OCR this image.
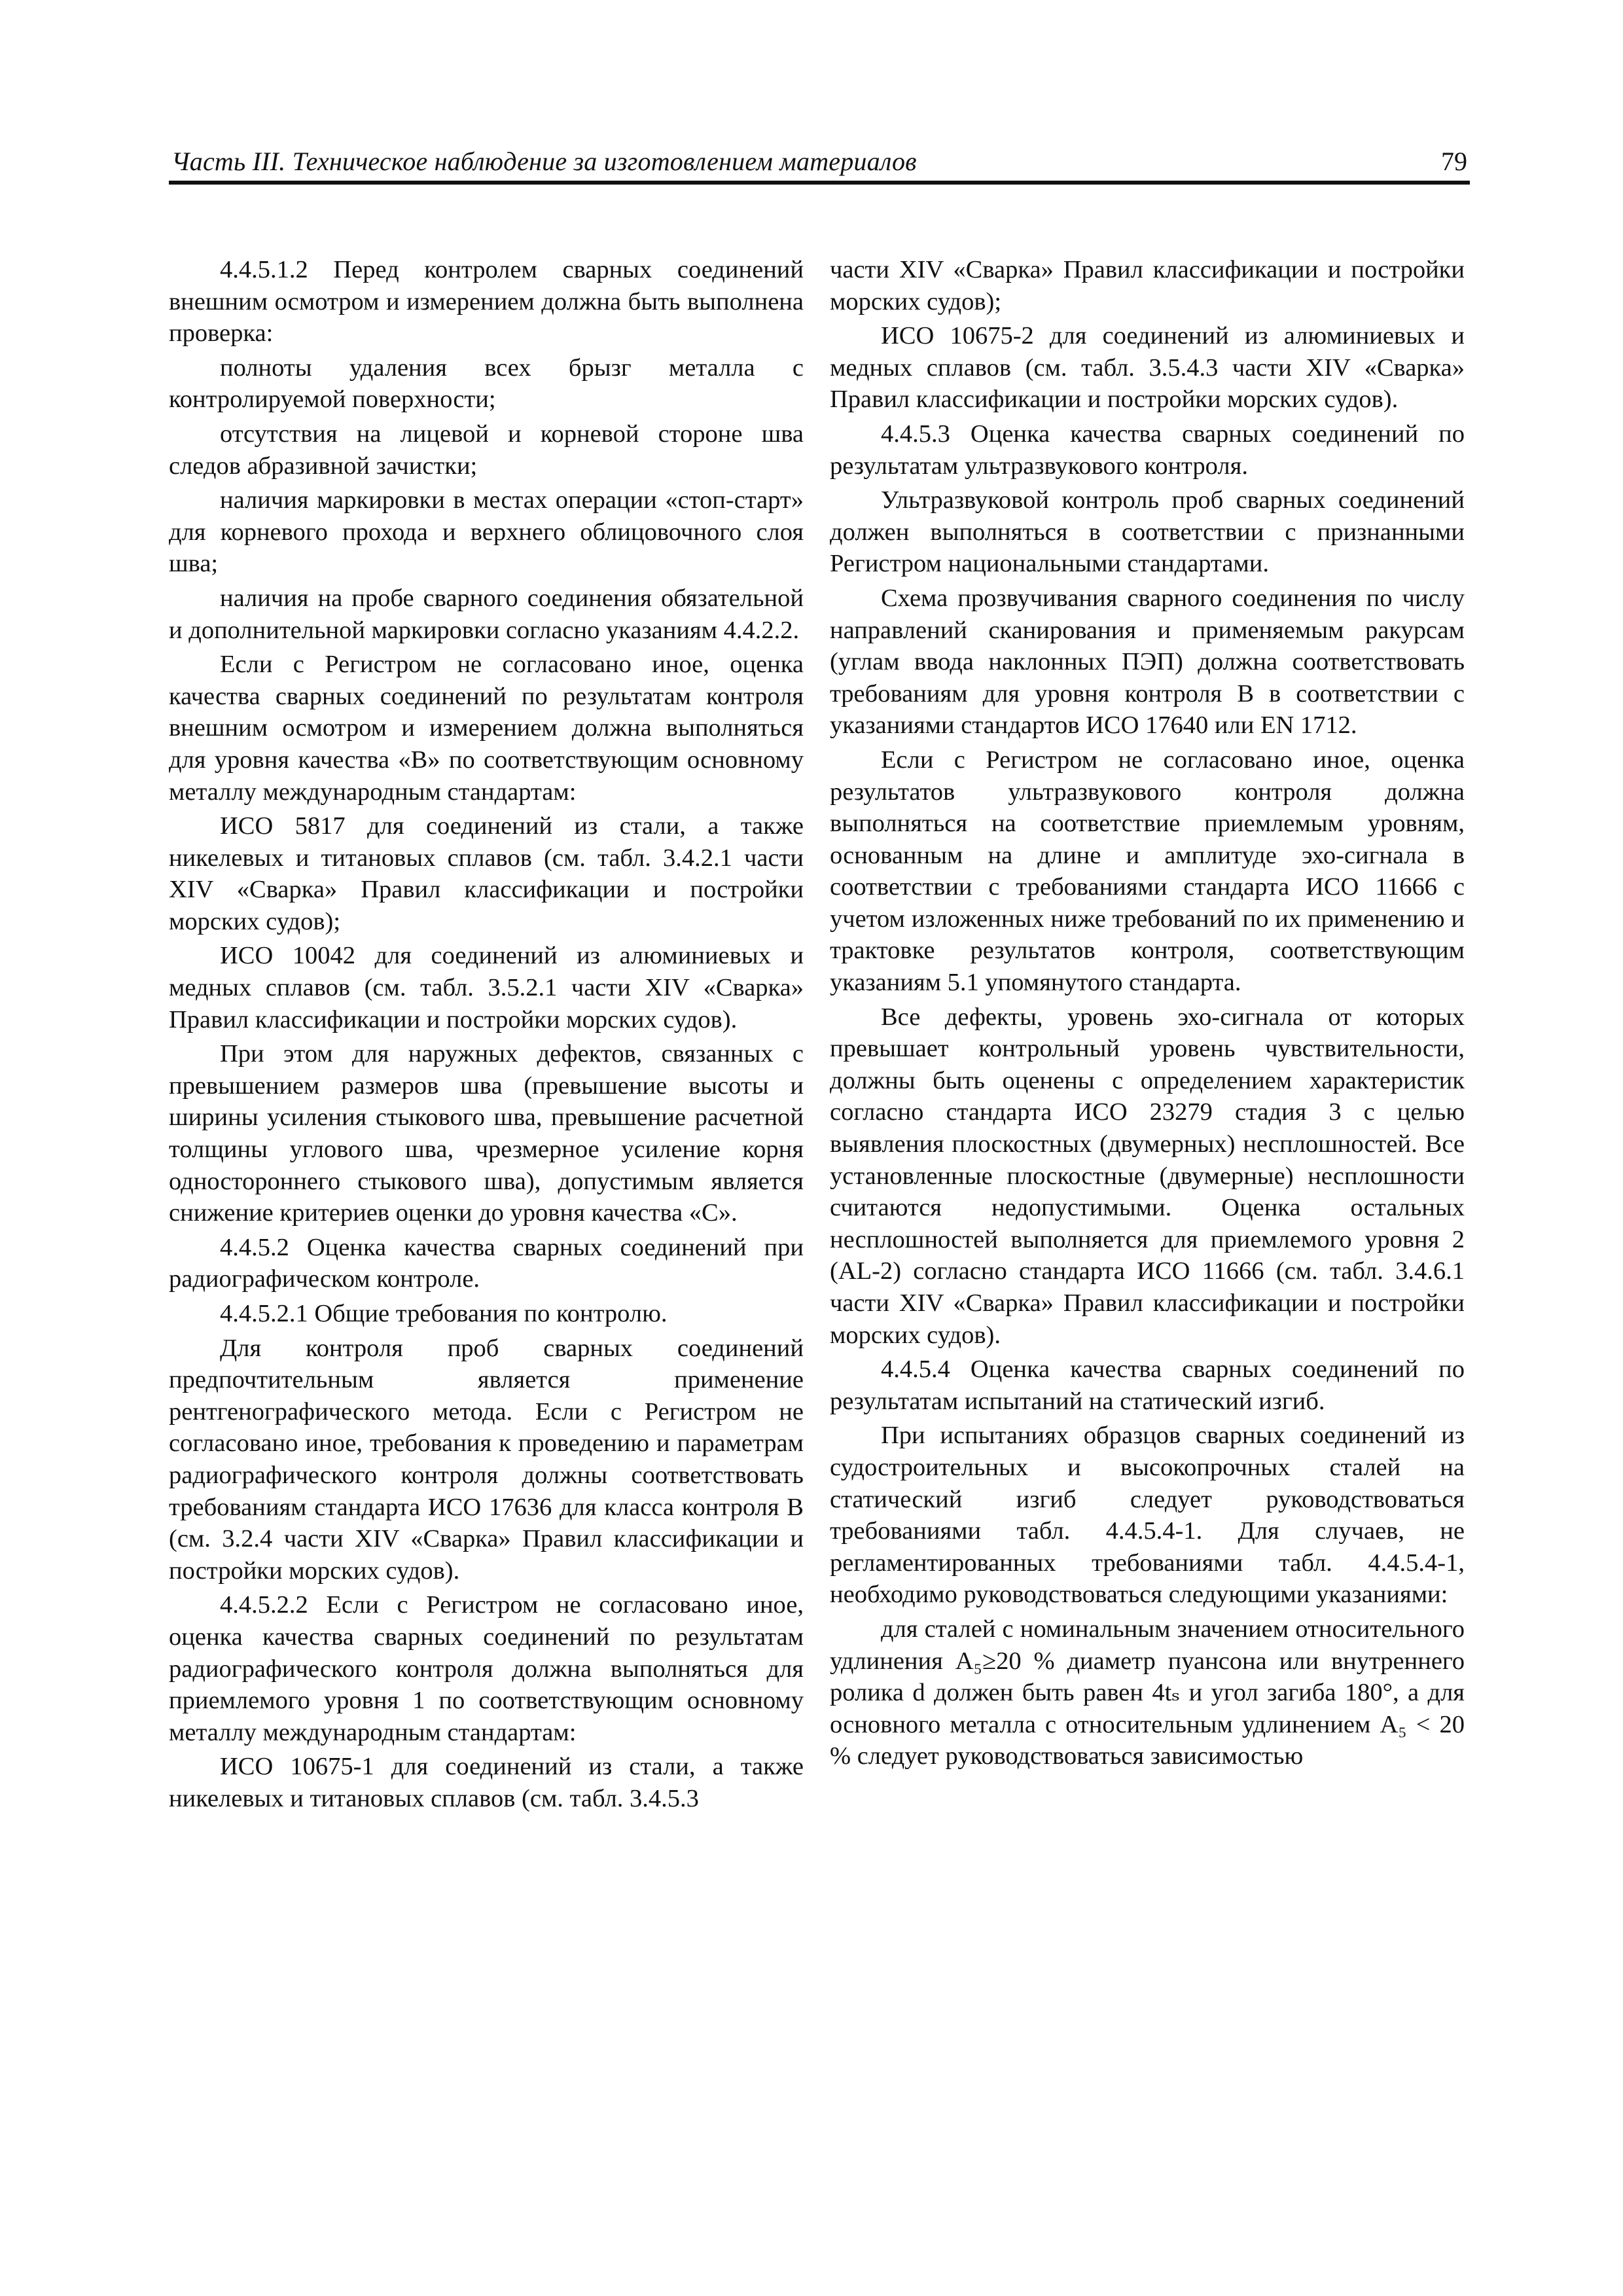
Часть III. Техническое наблюдение за изготовлением материалов	79

4.4.5.1.2 Перед контролем сварных соединений внешним осмотром и измерением должна быть выполнена проверка:

полноты удаления всех брызг металла с контролируемой поверхности;

отсутствия на лицевой и корневой стороне шва следов абразивной зачистки;

наличия маркировки в местах операции «стоп-старт» для корневого прохода и верхнего облицовочного слоя шва;

наличия на пробе сварного соединения обязательной и дополнительной маркировки согласно указаниям 4.4.2.2.

Если с Регистром не согласовано иное, оценка качества сварных соединений по результатам контроля внешним осмотром и измерением должна выполняться для уровня качества «В» по соответствующим основному металлу международным стандартам:

ИСО 5817 для соединений из стали, а также никелевых и титановых сплавов (см. табл. 3.4.2.1 части XIV «Сварка» Правил классификации и постройки морских судов);

ИСО 10042 для соединений из алюминиевых и медных сплавов (см. табл. 3.5.2.1 части XIV «Сварка» Правил классификации и постройки морских судов).

При этом для наружных дефектов, связанных с превышением размеров шва (превышение высоты и ширины усиления стыкового шва, превышение расчетной толщины углового шва, чрезмерное усиление корня одностороннего стыкового шва), допустимым является снижение критериев оценки до уровня качества «С».

4.4.5.2 Оценка качества сварных соединений при радиографическом контроле.

4.4.5.2.1 Общие требования по контролю.

Для контроля проб сварных соединений предпочтительным является применение рентгенографического метода. Если с Регистром не согласовано иное, требования к проведению и параметрам радиографического контроля должны соответствовать требованиям стандарта ИСО 17636 для класса контроля В (см. 3.2.4 части XIV «Сварка» Правил классификации и постройки морских судов).

4.4.5.2.2 Если с Регистром не согласовано иное, оценка качества сварных соединений по результатам радиографического контроля должна выполняться для приемлемого уровня 1 по соответствующим основному металлу международным стандартам:

ИСО 10675-1 для соединений из стали, а также никелевых и титановых сплавов (см. табл. 3.4.5.3

части XIV «Сварка» Правил классификации и постройки морских судов);

ИСО 10675-2 для соединений из алюминиевых и медных сплавов (см. табл. 3.5.4.3 части XIV «Сварка» Правил классификации и постройки морских судов).

4.4.5.3 Оценка качества сварных соединений по результатам ультразвукового контроля.

Ультразвуковой контроль проб сварных соединений должен выполняться в соответствии с признанными Регистром национальными стандартами.

Схема прозвучивания сварного соединения по числу направлений сканирования и применяемым ракурсам (углам ввода наклонных ПЭП) должна соответствовать требованиям для уровня контроля В в соответствии с указаниями стандартов ИСО 17640 или EN 1712.

Если с Регистром не согласовано иное, оценка результатов ультразвукового контроля должна выполняться на соответствие приемлемым уровням, основанным на длине и амплитуде эхо-сигнала в соответствии с требованиями стандарта ИСО 11666 с учетом изложенных ниже требований по их применению и трактовке результатов контроля, соответствующим указаниям 5.1 упомянутого стандарта.

Все дефекты, уровень эхо-сигнала от которых превышает контрольный уровень чувствительности, должны быть оценены с определением характеристик согласно стандарта ИСО 23279 стадия 3 с целью выявления плоскостных (двумерных) несплошностей. Все установленные плоскостные (двумерные) несплошности считаются недопустимыми. Оценка остальных несплошностей выполняется для приемлемого уровня 2 (AL-2) согласно стандарта ИСО 11666 (см. табл. 3.4.6.1 части XIV «Сварка» Правил классификации и постройки морских судов).

4.4.5.4 Оценка качества сварных соединений по результатам испытаний на статический изгиб.

При испытаниях образцов сварных соединений из судостроительных и высокопрочных сталей на статический изгиб следует руководствоваться требованиями табл. 4.4.5.4-1. Для случаев, не регламентированных требованиями табл. 4.4.5.4-1, необходимо руководствоваться следующими указаниями:

для сталей с номинальным значением относительного удлинения A₅≥20 % диаметр пуансона или внутреннего ролика d должен быть равен 4tₛ и угол загиба 180°, а для основного металла с относительным удлинением A₅ < 20 % следует руководствоваться зависимостью
